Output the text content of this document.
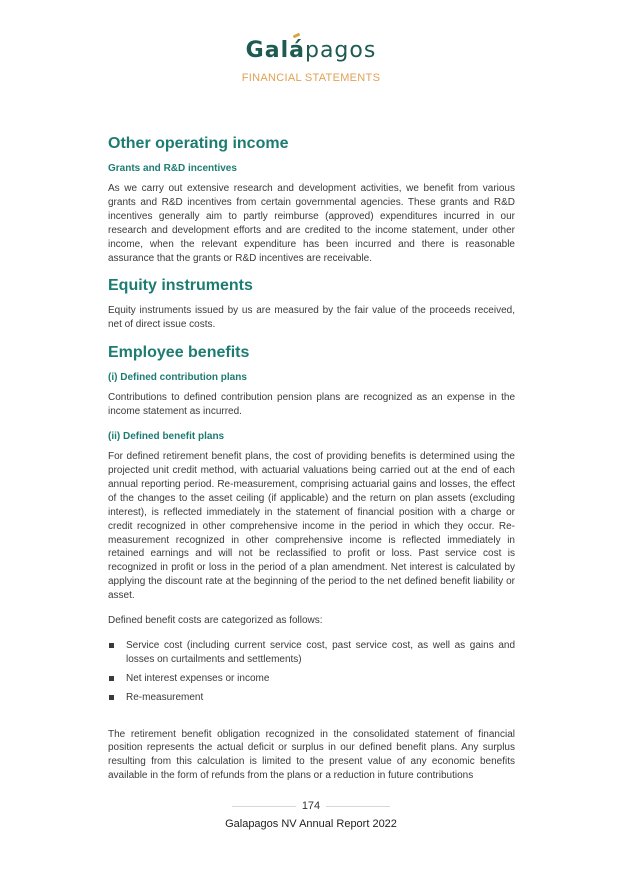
Galápagos
FINANCIAL STATEMENTS
Other operating income
Grants and R&D incentives

As we carry out extensive research and development activities, we benefit from various grants and R&D incentives from certain governmental agencies. These grants and R&D incentives generally aim to partly reimburse (approved) expenditures incurred in our research and development efforts and are credited to the income statement, under other income, when the relevant expenditure has been incurred and there is reasonable assurance that the grants or R&D incentives are receivable.

Equity instruments

Equity instruments issued by us are measured by the fair value of the proceeds received, net of direct issue costs.

Employee benefits
(i) Defined contribution plans

Contributions to defined contribution pension plans are recognized as an expense in the income statement as incurred.

(ii) Defined benefit plans

For defined retirement benefit plans, the cost of providing benefits is determined using the projected unit credit method, with actuarial valuations being carried out at the end of each annual reporting period. Re-measurement, comprising actuarial gains and losses, the effect of the changes to the asset ceiling (if applicable) and the return on plan assets (excluding interest), is reflected immediately in the statement of financial position with a charge or credit recognized in other comprehensive income in the period in which they occur. Re-measurement recognized in other comprehensive income is reflected immediately in retained earnings and will not be reclassified to profit or loss. Past service cost is recognized in profit or loss in the period of a plan amendment. Net interest is calculated by applying the discount rate at the beginning of the period to the net defined benefit liability or asset.

Defined benefit costs are categorized as follows:

Service cost (including current service cost, past service cost, as well as gains and losses on curtailments and settlements)
Net interest expenses or income
Re-measurement

The retirement benefit obligation recognized in the consolidated statement of financial position represents the actual deficit or surplus in our defined benefit plans. Any surplus resulting from this calculation is limited to the present value of any economic benefits available in the form of refunds from the plans or a reduction in future contributions

174
Galapagos NV Annual Report 2022
